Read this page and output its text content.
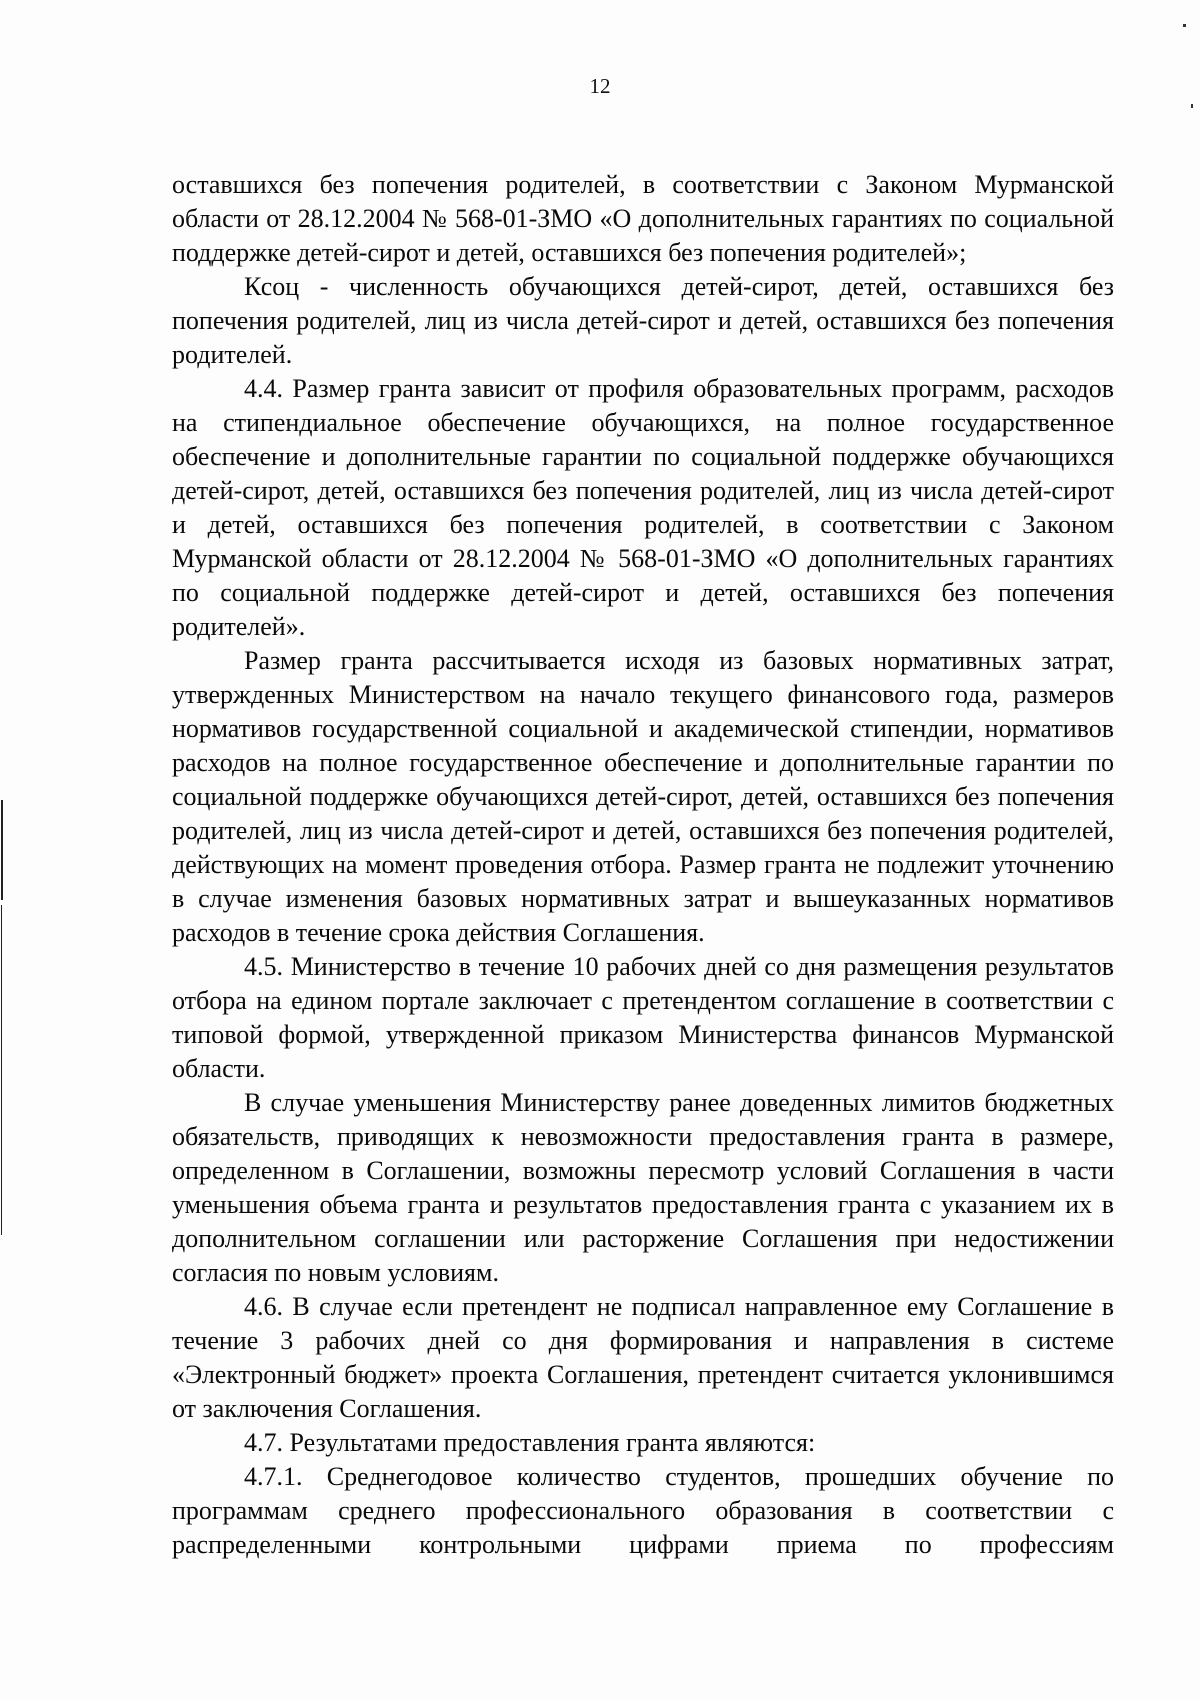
12

оставшихся без попечения родителей, в соответствии с Законом Мурманской области от 28.12.2004 № 568-01-ЗМО «О дополнительных гарантиях по социальной поддержке детей-сирот и детей, оставшихся без попечения родителей»;

Ксоц - численность обучающихся детей-сирот, детей, оставшихся без попечения родителей, лиц из числа детей-сирот и детей, оставшихся без попечения родителей.

4.4. Размер гранта зависит от профиля образовательных программ, расходов на стипендиальное обеспечение обучающихся, на полное государственное обеспечение и дополнительные гарантии по социальной поддержке обучающихся детей-сирот, детей, оставшихся без попечения родителей, лиц из числа детей-сирот и детей, оставшихся без попечения родителей, в соответствии с Законом Мурманской области от 28.12.2004 № 568-01-ЗМО «О дополнительных гарантиях по социальной поддержке детей-сирот и детей, оставшихся без попечения родителей».

Размер гранта рассчитывается исходя из базовых нормативных затрат, утвержденных Министерством на начало текущего финансового года, размеров нормативов государственной социальной и академической стипендии, нормативов расходов на полное государственное обеспечение и дополнительные гарантии по социальной поддержке обучающихся детей-сирот, детей, оставшихся без попечения родителей, лиц из числа детей-сирот и детей, оставшихся без попечения родителей, действующих на момент проведения отбора. Размер гранта не подлежит уточнению в случае изменения базовых нормативных затрат и вышеуказанных нормативов расходов в течение срока действия Соглашения.

4.5. Министерство в течение 10 рабочих дней со дня размещения результатов отбора на едином портале заключает с претендентом соглашение в соответствии с типовой формой, утвержденной приказом Министерства финансов Мурманской области.

В случае уменьшения Министерству ранее доведенных лимитов бюджетных обязательств, приводящих к невозможности предоставления гранта в размере, определенном в Соглашении, возможны пересмотр условий Соглашения в части уменьшения объема гранта и результатов предоставления гранта с указанием их в дополнительном соглашении или расторжение Соглашения при недостижении согласия по новым условиям.

4.6. В случае если претендент не подписал направленное ему Соглашение в течение 3 рабочих дней со дня формирования и направления в системе «Электронный бюджет» проекта Соглашения, претендент считается уклонившимся от заключения Соглашения.

4.7. Результатами предоставления гранта являются:

4.7.1. Среднегодовое количество студентов, прошедших обучение по программам среднего профессионального образования в соответствии с распределенными контрольными цифрами приема по профессиям
